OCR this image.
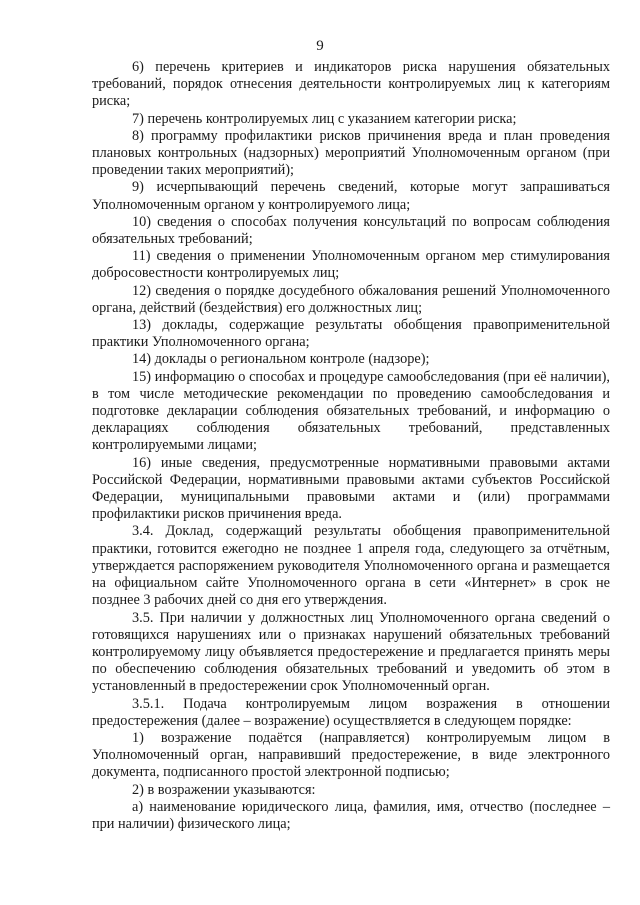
9

6) перечень критериев и индикаторов риска нарушения обязательных требований, порядок отнесения деятельности контролируемых лиц к категориям риска;

7) перечень контролируемых лиц с указанием категории риска;

8) программу профилактики рисков причинения вреда и план проведения плановых контрольных (надзорных) мероприятий Уполномоченным органом (при проведении таких мероприятий);

9) исчерпывающий перечень сведений, которые могут запрашиваться Уполномоченным органом у контролируемого лица;

10) сведения о способах получения консультаций по вопросам соблюдения обязательных требований;

11) сведения о применении Уполномоченным органом мер стимулирования добросовестности контролируемых лиц;

12) сведения о порядке досудебного обжалования решений Уполномоченного органа, действий (бездействия) его должностных лиц;

13) доклады, содержащие результаты обобщения правоприменительной практики Уполномоченного органа;

14) доклады о региональном контроле (надзоре);

15) информацию о способах и процедуре самообследования (при её наличии), в том числе методические рекомендации по проведению самообследования и подготовке декларации соблюдения обязательных требований, и информацию о декларациях соблюдения обязательных требований, представленных контролируемыми лицами;

16) иные сведения, предусмотренные нормативными правовыми актами Российской Федерации, нормативными правовыми актами субъектов Российской Федерации, муниципальными правовыми актами и (или) программами профилактики рисков причинения вреда.

3.4. Доклад, содержащий результаты обобщения правоприменительной практики, готовится ежегодно не позднее 1 апреля года, следующего за отчётным, утверждается распоряжением руководителя Уполномоченного органа и размещается на официальном сайте Уполномоченного органа в сети «Интернет» в срок не позднее 3 рабочих дней со дня его утверждения.

3.5. При наличии у должностных лиц Уполномоченного органа сведений о готовящихся нарушениях или о признаках нарушений обязательных требований контролируемому лицу объявляется предостережение и предлагается принять меры по обеспечению соблюдения обязательных требований и уведомить об этом в установленный в предостережении срок Уполномоченный орган.

3.5.1. Подача контролируемым лицом возражения в отношении предостережения (далее – возражение) осуществляется в следующем порядке:

1) возражение подаётся (направляется) контролируемым лицом в Уполномоченный орган, направивший предостережение, в виде электронного документа, подписанного простой электронной подписью;

2) в возражении указываются:

а) наименование юридического лица, фамилия, имя, отчество (последнее – при наличии) физического лица;
